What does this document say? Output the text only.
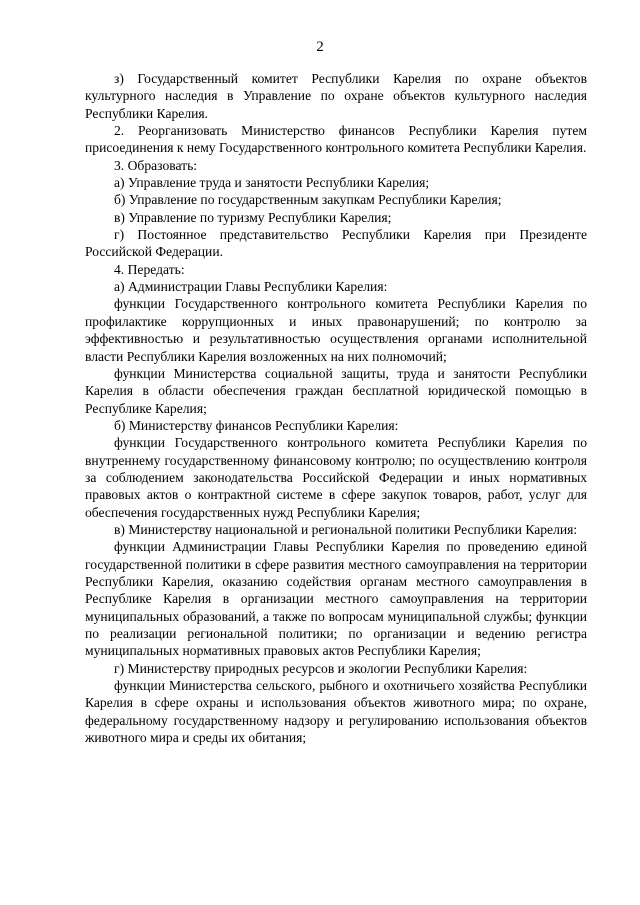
2

з) Государственный комитет Республики Карелия по охране объектов культурного наследия в Управление по охране объектов культурного наследия Республики Карелия.

2. Реорганизовать Министерство финансов Республики Карелия путем присоединения к нему Государственного контрольного комитета Республики Карелия.

3. Образовать:

а) Управление труда и занятости Республики Карелия;

б) Управление по государственным закупкам Республики Карелия;

в) Управление по туризму Республики Карелия;

г) Постоянное представительство Республики Карелия при Президенте Российской Федерации.

4. Передать:

а) Администрации Главы Республики Карелия:

функции Государственного контрольного комитета Республики Карелия по профилактике коррупционных и иных правонарушений; по контролю за эффективностью и результативностью осуществления органами исполнительной власти Республики Карелия возложенных на них полномочий;

функции Министерства социальной защиты, труда и занятости Республики Карелия в области обеспечения граждан бесплатной юридической помощью в Республике Карелия;

б) Министерству финансов Республики Карелия:

функции Государственного контрольного комитета Республики Карелия по внутреннему государственному финансовому контролю; по осуществлению контроля за соблюдением законодательства Российской Федерации и иных нормативных правовых актов о контрактной системе в сфере закупок товаров, работ, услуг для обеспечения государственных нужд Республики Карелия;

в) Министерству национальной и региональной политики Республики Карелия:

функции Администрации Главы Республики Карелия по проведению единой государственной политики в сфере развития местного самоуправления на территории Республики Карелия, оказанию содействия органам местного самоуправления в Республике Карелия в организации местного самоуправления на территории муниципальных образований, а также по вопросам муниципальной службы; функции по реализации региональной политики; по организации и ведению регистра муниципальных нормативных правовых актов Республики Карелия;

г) Министерству природных ресурсов и экологии Республики Карелия:

функции Министерства сельского, рыбного и охотничьего хозяйства Республики Карелия в сфере охраны и использования объектов животного мира; по охране, федеральному государственному надзору и регулированию использования объектов животного мира и среды их обитания;
